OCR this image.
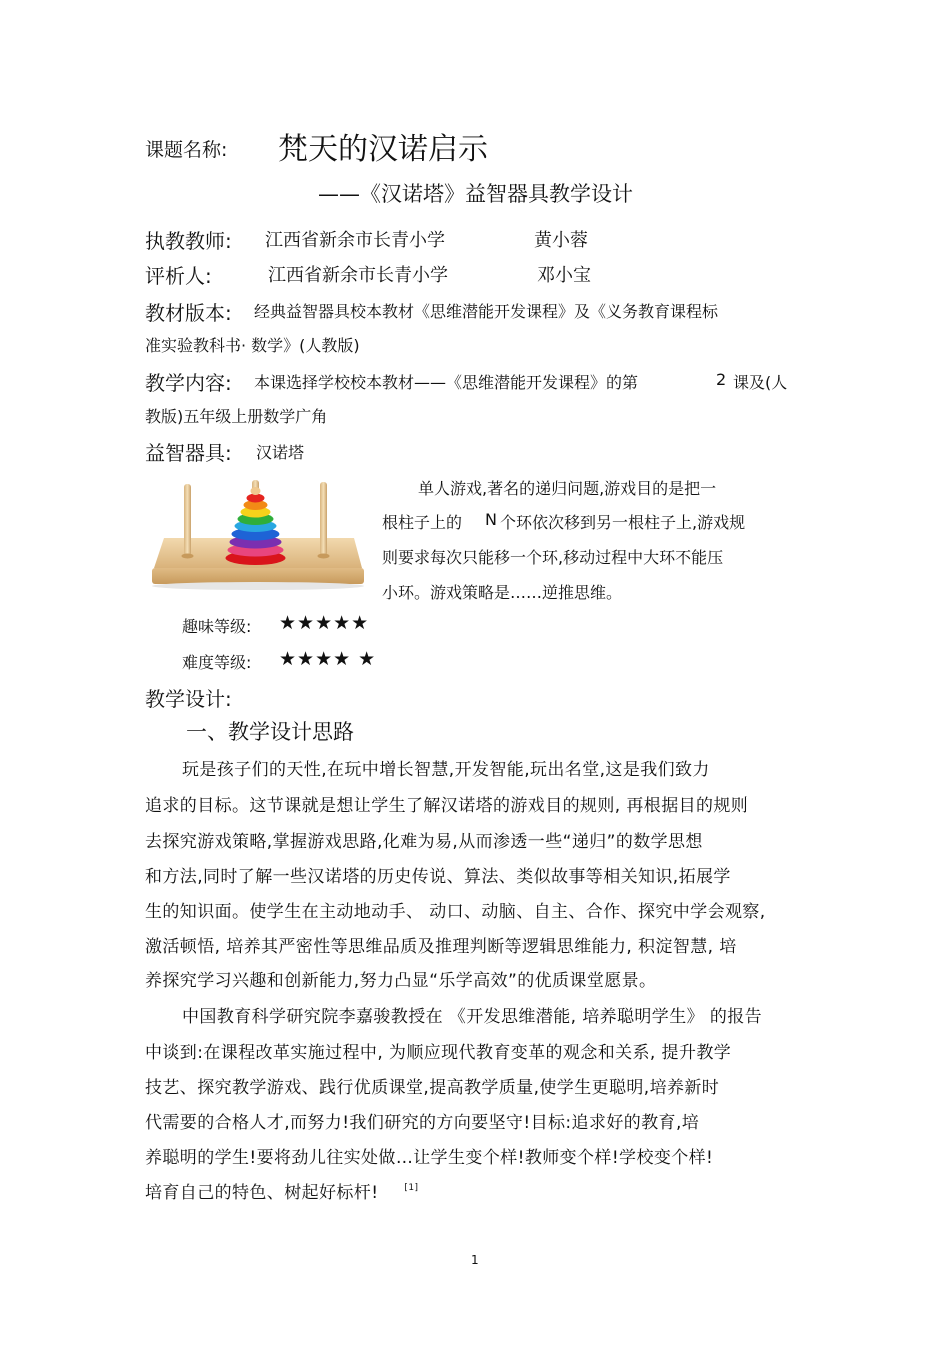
课题名称: 梵天的汉诺启示
——《汉诺塔》益智器具教学设计
执教教师: 江西省新余市长青小学	黄小蓉
评析人:	江西省新余市长青小学	邓小宝
教材版本: 经典益智器具校本教材《思维潜能开发课程》及《义务教育课程标
准实验教科书· 数学》(人教版)
教学内容: 本课选择学校校本教材——《思维潜能开发课程》的第	2 课及(人
教版)五年级上册数学广角
益智器具: 汉诺塔
单人游戏,著名的递归问题,游戏目的是把一
根柱子上的 N 个环依次移到另一根柱子上,游戏规
则要求每次只能移一个环,移动过程中大环不能压
小环。游戏策略是……逆推思维。
趣味等级: ★★★★★
难度等级: ★★★★ ★
教学设计:
一、教学设计思路
玩是孩子们的天性,在玩中增长智慧,开发智能,玩出名堂,这是我们致力
追求的目标。这节课就是想让学生了解汉诺塔的游戏目的规则, 再根据目的规则
去探究游戏策略,掌握游戏思路,化难为易,从而渗透一些“递归”的数学思想
和方法,同时了解一些汉诺塔的历史传说、算法、类似故事等相关知识,拓展学
生的知识面。使学生在主动地动手、 动口、动脑、自主、合作、探究中学会观察,
激活顿悟, 培养其严密性等思维品质及推理判断等逻辑思维能力, 积淀智慧, 培
养探究学习兴趣和创新能力,努力凸显“乐学高效”的优质课堂愿景。
中国教育科学研究院李嘉骏教授在 《开发思维潜能, 培养聪明学生》 的报告
中谈到:在课程改革实施过程中, 为顺应现代教育变革的观念和关系, 提升教学
技艺、探究教学游戏、践行优质课堂,提高教学质量,使学生更聪明,培养新时
代需要的合格人才,而努力!我们研究的方向要坚守!目标:追求好的教育,培
养聪明的学生!要将劲儿往实处做…让学生变个样!教师变个样!学校变个样!
培育自己的特色、树起好标杆!	[1]
1
